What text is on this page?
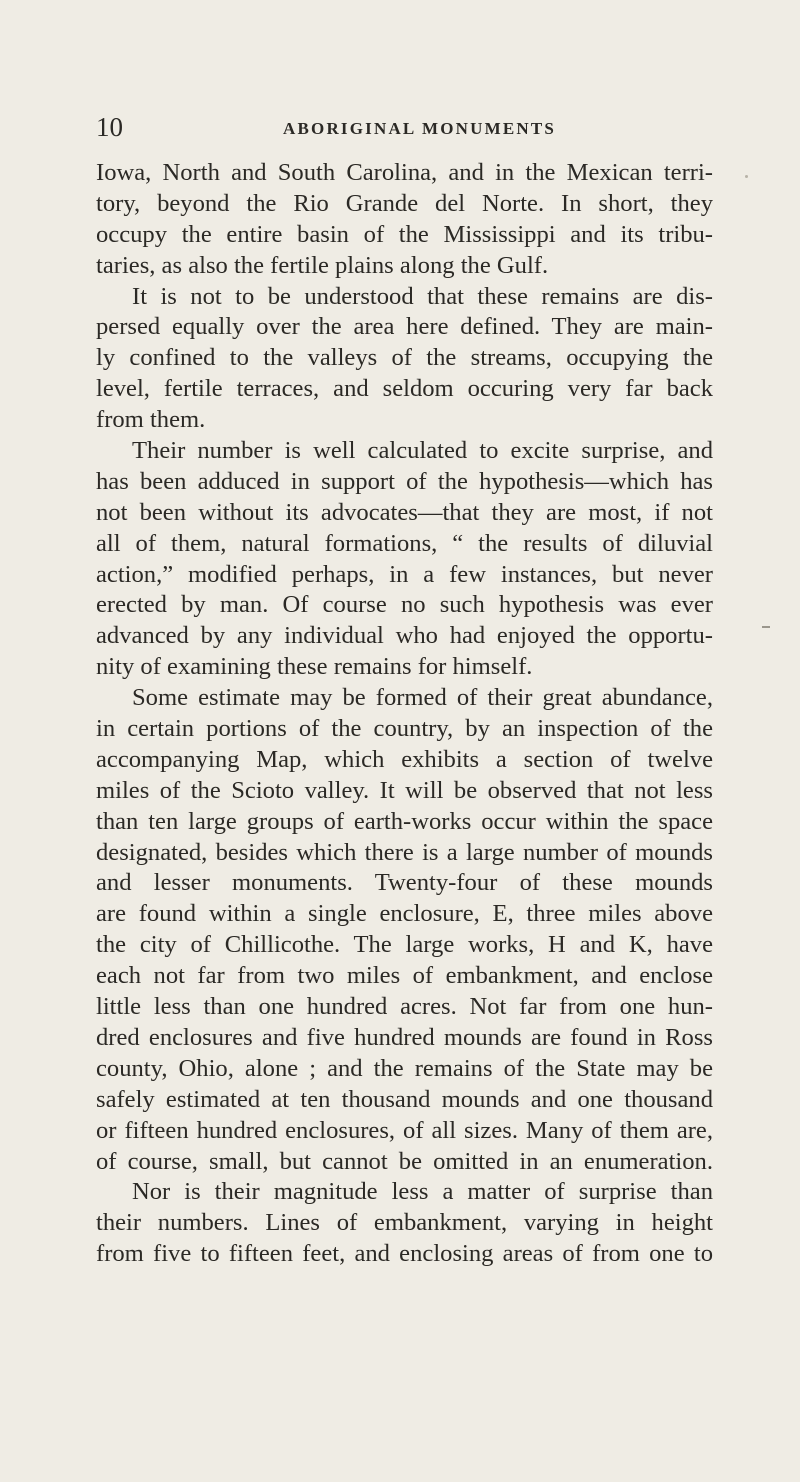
10	ABORIGINAL MONUMENTS
Iowa, North and South Carolina, and in the Mexican terri-
tory, beyond the Rio Grande del Norte. In short, they
occupy the entire basin of the Mississippi and its tribu-
taries, as also the fertile plains along the Gulf.
It is not to be understood that these remains are dis-
persed equally over the area here defined. They are main-
ly confined to the valleys of the streams, occupying the
level, fertile terraces, and seldom occuring very far back
from them.
Their number is well calculated to excite surprise, and
has been adduced in support of the hypothesis—which has
not been without its advocates—that they are most, if not
all of them, natural formations, “ the results of diluvial
action,” modified perhaps, in a few instances, but never
erected by man. Of course no such hypothesis was ever
advanced by any individual who had enjoyed the opportu-
nity of examining these remains for himself.
Some estimate may be formed of their great abundance,
in certain portions of the country, by an inspection of the
accompanying Map, which exhibits a section of twelve
miles of the Scioto valley. It will be observed that not less
than ten large groups of earth-works occur within the space
designated, besides which there is a large number of mounds
and lesser monuments. Twenty-four of these mounds
are found within a single enclosure, E, three miles above
the city of Chillicothe. The large works, H and K, have
each not far from two miles of embankment, and enclose
little less than one hundred acres. Not far from one hun-
dred enclosures and five hundred mounds are found in Ross
county, Ohio, alone ; and the remains of the State may be
safely estimated at ten thousand mounds and one thousand
or fifteen hundred enclosures, of all sizes. Many of them are,
of course, small, but cannot be omitted in an enumeration.
Nor is their magnitude less a matter of surprise than
their numbers. Lines of embankment, varying in height
from five to fifteen feet, and enclosing areas of from one to
